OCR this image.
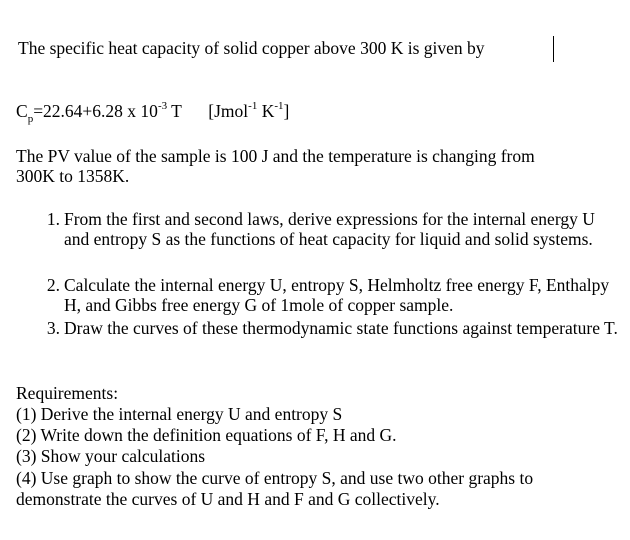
The specific heat capacity of solid copper above 300 K is given by
$C_p=22.64+6.28$ x $10^{-3}$ T [Jmol$^{-1}$ $K^{-1}$]
The PV value of the sample is 100 J and the temperature is changing from
300K to 1358K.
1. From the first and second laws, derive expressions for the internal energy U and entropy S as the functions of heat capacity for liquid and solid systems.
2. Calculate the internal energy U, entropy S, Helmholtz free energy F, Enthalpy H, and Gibbs free energy G of 1mole of copper sample.
3. Draw the curves of these thermodynamic state functions against temperature T.
Requirements:
(1) Derive the internal energy U and entropy S
(2) Write down the definition equations of F, H and G.
(3) Show your calculations
(4) Use graph to show the curve of entropy S, and use two other graphs to
demonstrate the curves of U and H and F and G collectively.
